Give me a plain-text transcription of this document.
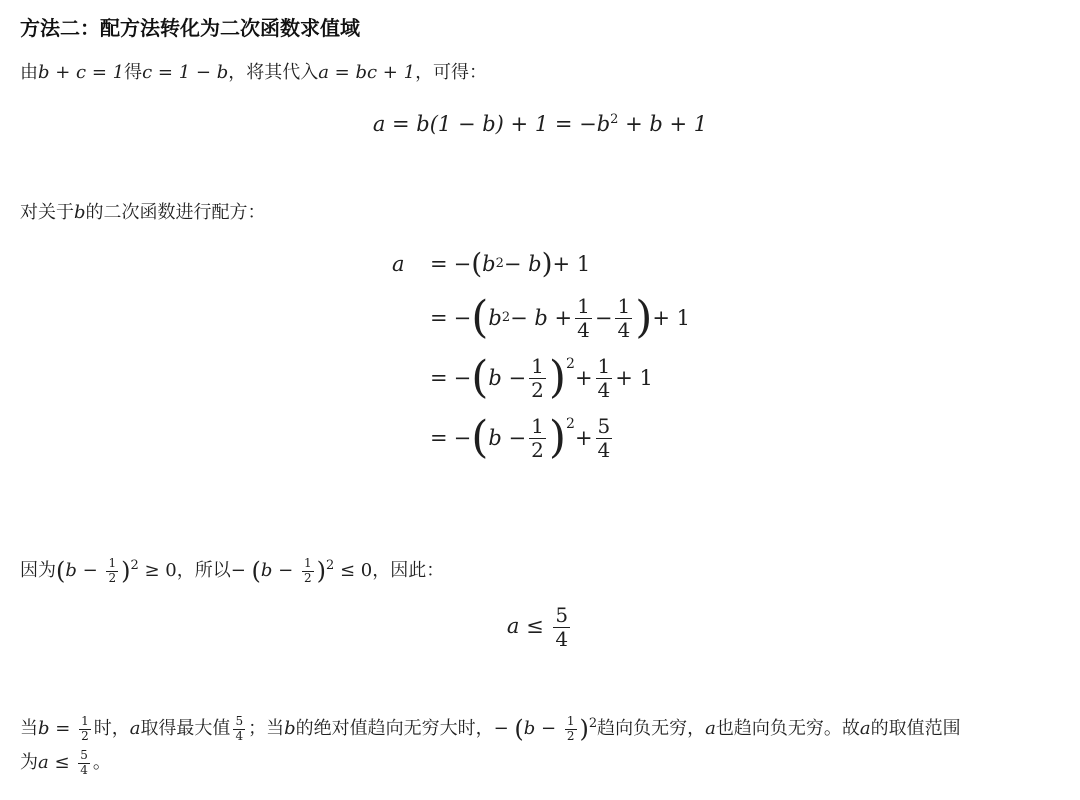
方法二：配方法转化为二次函数求值域
由b + c = 1得c = 1 − b，将其代入a = bc + 1，可得：
$a = b(1 - b) + 1 = -b^2 + b + 1$
对关于b的二次函数进行配方：
a	= − ( b 2 − b ) + 1
= − ( b $2 - b + \frac{1}{4} - \frac{1}{4}$ ) + 1
= − ( $b - \frac{1}{2}$ ) 2
+ $\frac{1}{4} + 1$
= − ( $b - \frac{1}{2}$ ) 2
+ $\frac{5}{4}$
因为$(b - \frac{1}{2} )^2 \ge 0$，所以− $(b - \frac{1}{2} )^2 \le 0$，因此：
$a \le \frac{5}{4}$
当$b = \frac{1}{2}$ 时，a取得最大值 $\frac{5}{4}$ ；当b的绝对值趋向无穷大时，− $(b - \frac{1}{2} )^2$趋向负无穷，a也趋向负无穷。故a的取值范围
为$a \le \frac{5}{4}$ 。
